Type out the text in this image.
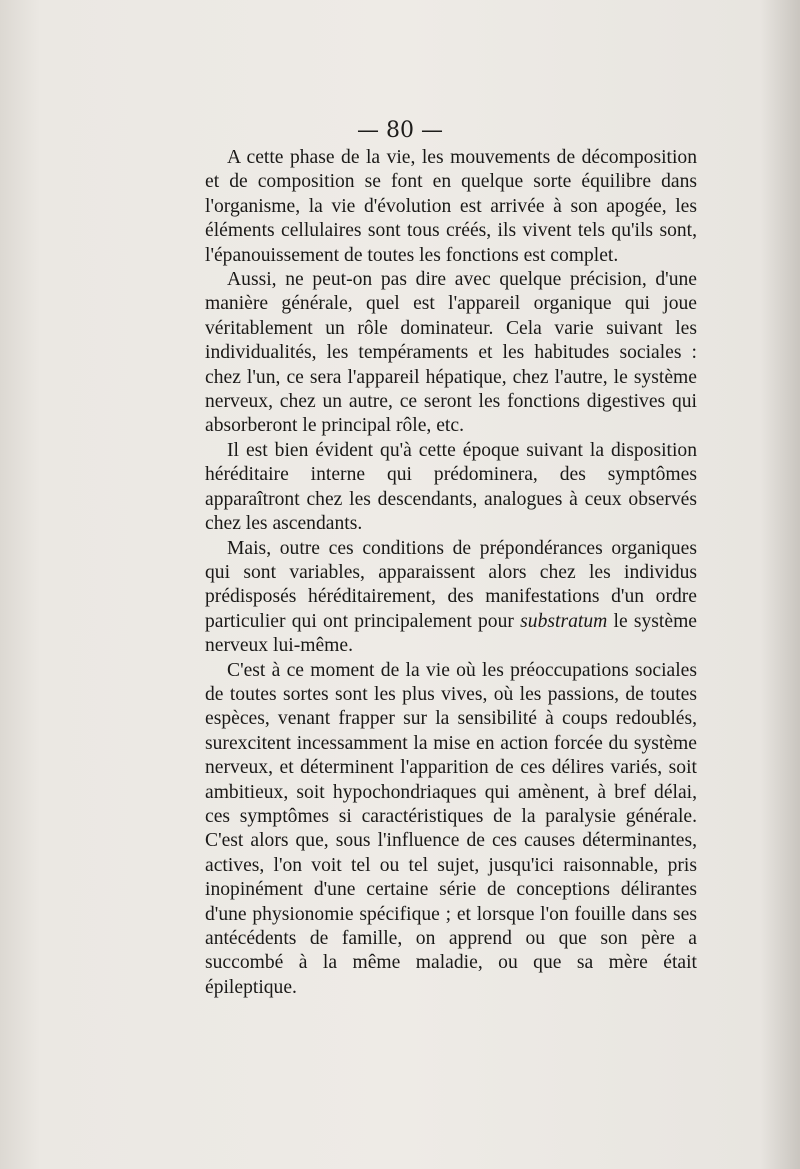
— 80 —

A cette phase de la vie, les mouvements de décomposition et de composition se font en quelque sorte équilibre dans l'organisme, la vie d'évolution est arrivée à son apogée, les éléments cellulaires sont tous créés, ils vivent tels qu'ils sont, l'épanouissement de toutes les fonctions est complet.

Aussi, ne peut-on pas dire avec quelque précision, d'une manière générale, quel est l'appareil organique qui joue véritablement un rôle dominateur. Cela varie suivant les individualités, les tempéraments et les habitudes sociales : chez l'un, ce sera l'appareil hépatique, chez l'autre, le système nerveux, chez un autre, ce seront les fonctions digestives qui absorberont le principal rôle, etc.

Il est bien évident qu'à cette époque suivant la disposition héréditaire interne qui prédominera, des symptômes apparaîtront chez les descendants, analogues à ceux observés chez les ascendants.

Mais, outre ces conditions de prépondérances organiques qui sont variables, apparaissent alors chez les individus prédisposés héréditairement, des manifestations d'un ordre particulier qui ont principalement pour substratum le système nerveux lui-même.

C'est à ce moment de la vie où les préoccupations sociales de toutes sortes sont les plus vives, où les passions, de toutes espèces, venant frapper sur la sensibilité à coups redoublés, surexcitent incessamment la mise en action forcée du système nerveux, et déterminent l'apparition de ces délires variés, soit ambitieux, soit hypochondriaques qui amènent, à bref délai, ces symptômes si caractéristiques de la paralysie générale. C'est alors que, sous l'influence de ces causes déterminantes, actives, l'on voit tel ou tel sujet, jusqu'ici raisonnable, pris inopinément d'une certaine série de conceptions délirantes d'une physionomie spécifique ; et lorsque l'on fouille dans ses antécédents de famille, on apprend ou que son père a succombé à la même maladie, ou que sa mère était épileptique.
